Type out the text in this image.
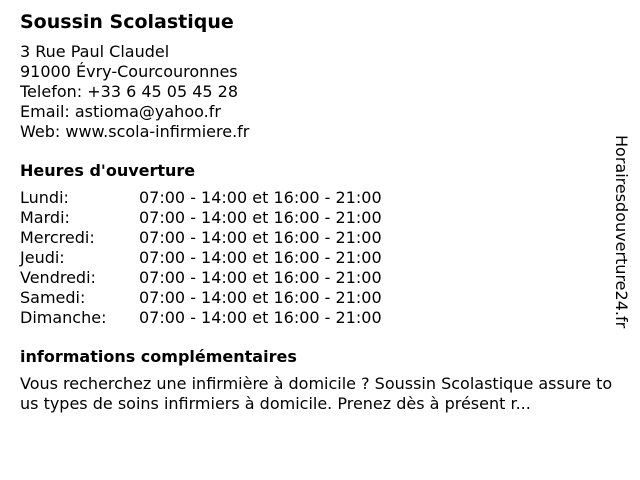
Soussin Scolastique

3 Rue Paul Claudel

91000 Évry-Courcouronnes

Telefon: +33 6 45 05 45 28

Email: astioma@yahoo.fr

Web: www.scola-infirmiere.fr

Heures d'ouverture
Lundi:	07:00 - 14:00 et 16:00 - 21:00
Mardi:	07:00 - 14:00 et 16:00 - 21:00
Mercredi:	07:00 - 14:00 et 16:00 - 21:00
Jeudi:	07:00 - 14:00 et 16:00 - 21:00
Vendredi:	07:00 - 14:00 et 16:00 - 21:00
Samedi:	07:00 - 14:00 et 16:00 - 21:00
Dimanche:	07:00 - 14:00 et 16:00 - 21:00
informations complémentaires

Vous recherchez une infirmière à domicile ? Soussin Scolastique assure tous types de soins infirmiers à domicile. Prenez dès à présent r...

Horairesdouverture24.fr
